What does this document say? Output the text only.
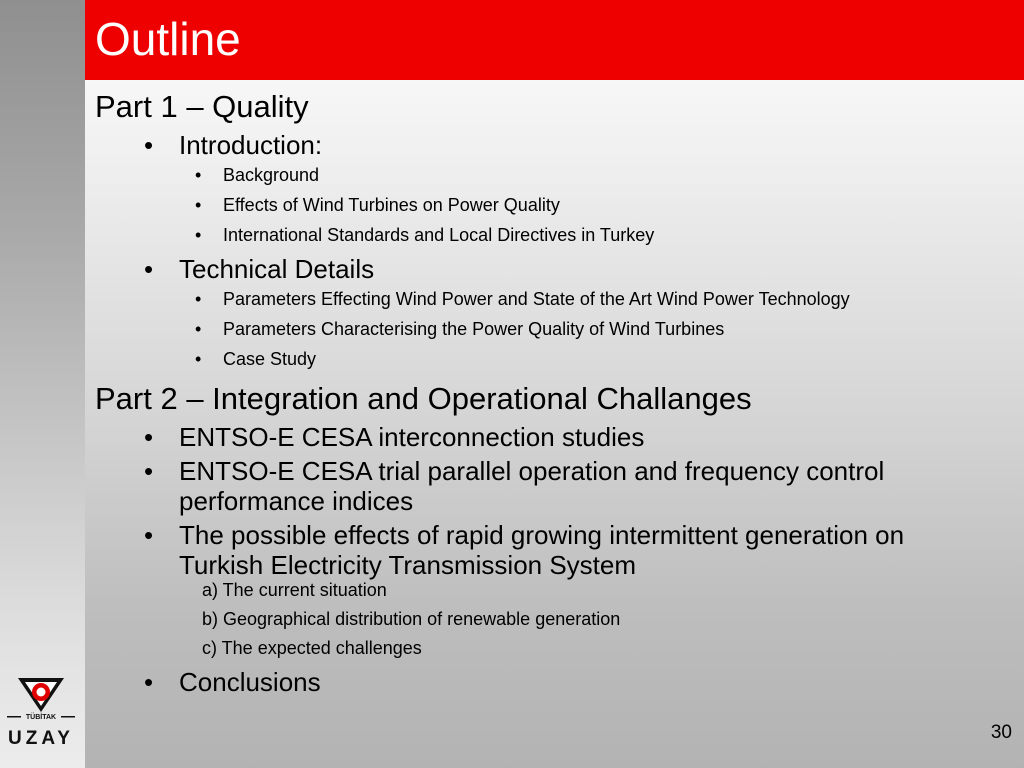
Outline
Part 1 – Quality
• Introduction:
• Background
• Effects of Wind Turbines on Power Quality
• International Standards and Local Directives in Turkey
• Technical Details
• Parameters Effecting Wind Power and State of the Art Wind Power Technology
• Parameters Characterising the Power Quality of Wind Turbines
• Case Study
Part 2 – Integration and Operational Challanges
• ENTSO-E CESA interconnection studies
• ENTSO-E CESA trial parallel operation and frequency control performance indices
• The possible effects of rapid growing intermittent generation on Turkish Electricity Transmission System
a) The current situation
b) Geographical distribution of renewable generation
c) The expected challenges
• Conclusions
TÜBİTAK
UZAY	30
